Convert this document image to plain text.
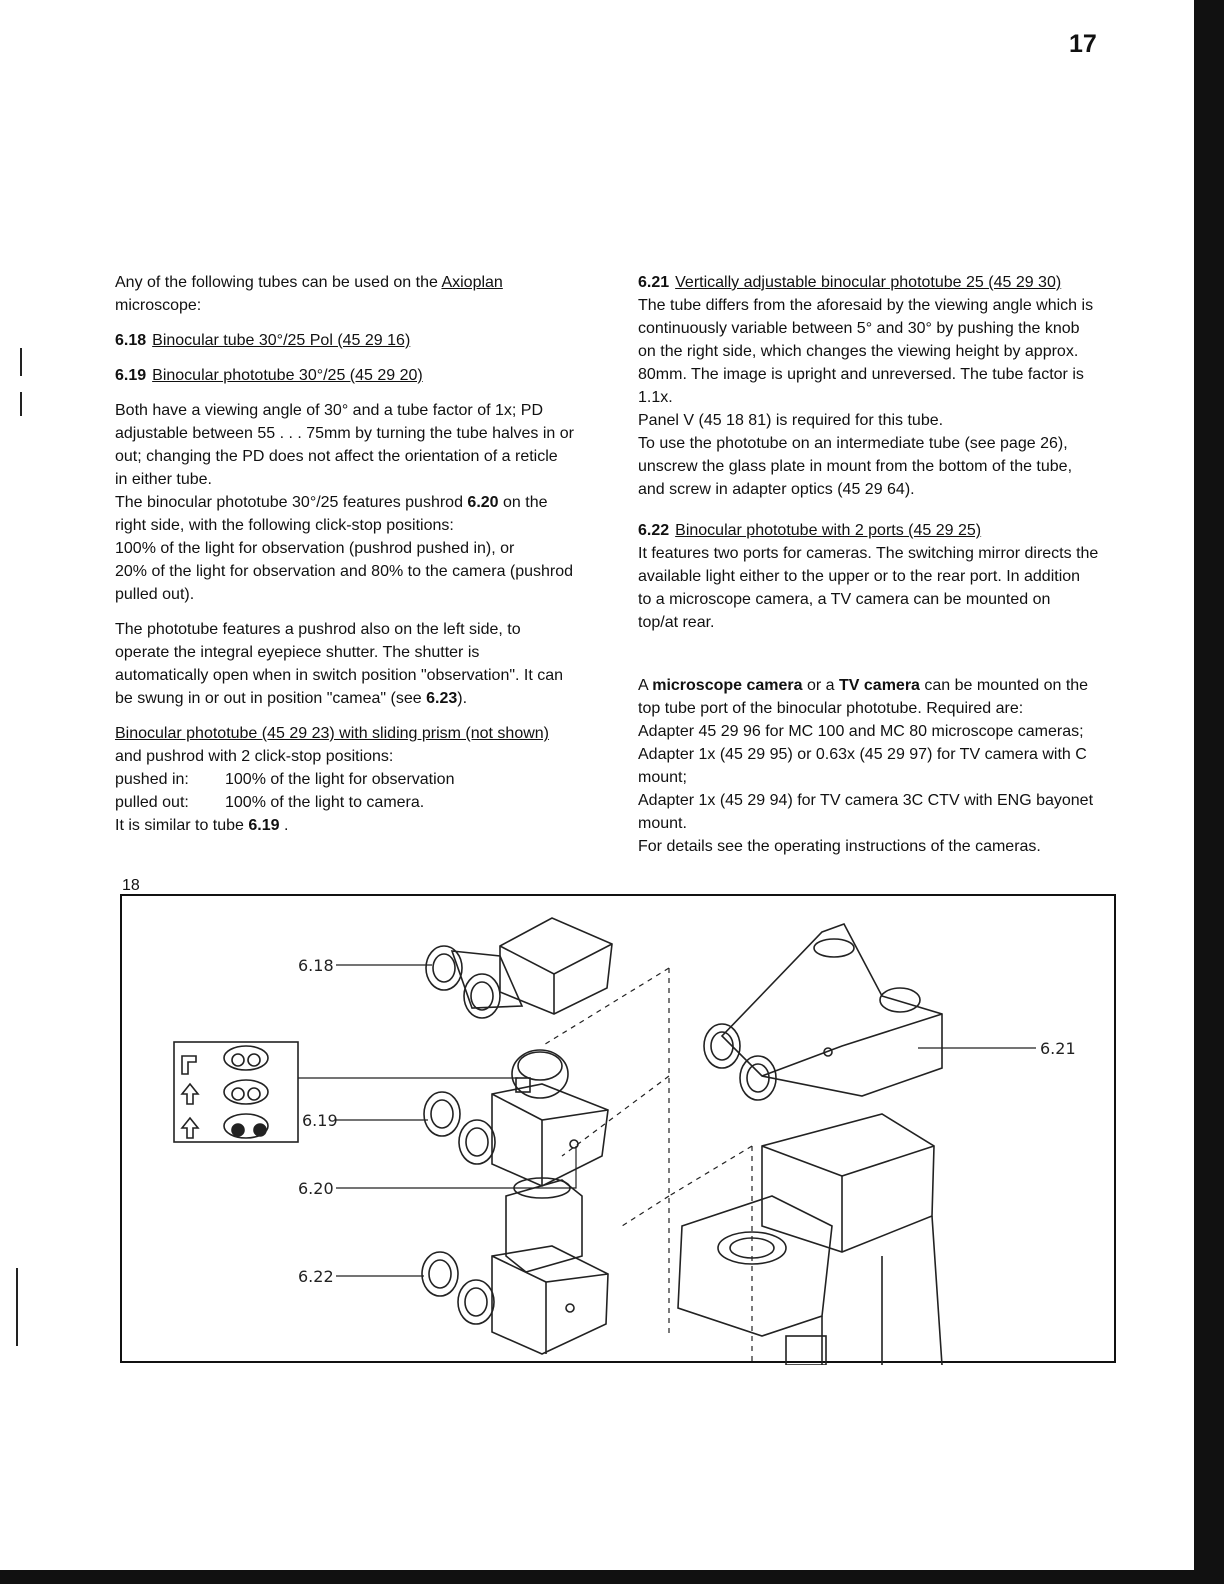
17

Any of the following tubes can be used on the Axioplan
microscope:

6.18 Binocular tube 30°/25 Pol (45 29 16)

6.19 Binocular phototube 30°/25 (45 29 20)

Both have a viewing angle of 30° and a tube factor of 1x; PD
adjustable between 55 . . . 75mm by turning the tube halves in or
out; changing the PD does not affect the orientation of a reticle
in either tube.

The binocular phototube 30°/25 features pushrod 6.20 on the
right side, with the following click-stop positions:
100% of the light for observation (pushrod pushed in), or
20% of the light for observation and 80% to the camera (pushrod
pulled out).

The phototube features a pushrod also on the left side, to
operate the integral eyepiece shutter. The shutter is
automatically open when in switch position "observation". It can
be swung in or out in position "camea" (see 6.23).

Binocular phototube (45 29 23) with sliding prism (not shown)
and pushrod with 2 click-stop positions:

pushed in:	100% of the light for observation
pulled out:	100% of the light to camera.

It is similar to tube 6.19 .

6.21 Vertically adjustable binocular phototube 25 (45 29 30)

The tube differs from the aforesaid by the viewing angle which is
continuously variable between 5° and 30° by pushing the knob
on the right side, which changes the viewing height by approx.
80mm. The image is upright and unreversed. The tube factor is
1.1x.
Panel V (45 18 81) is required for this tube.
To use the phototube on an intermediate tube (see page 26),
unscrew the glass plate in mount from the bottom of the tube,
and screw in adapter optics (45 29 64).

6.22 Binocular phototube with 2 ports (45 29 25)

It features two ports for cameras. The switching mirror directs the
available light either to the upper or to the rear port. In addition
to a microscope camera, a TV camera can be mounted on
top/at rear.

A microscope camera or a TV camera can be mounted on the
top tube port of the binocular phototube. Required are:
Adapter 45 29 96 for MC 100 and MC 80 microscope cameras;
Adapter 1x (45 29 95) or 0.63x (45 29 97) for TV camera with C
mount;
Adapter 1x (45 29 94) for TV camera 3C CTV with ENG bayonet
mount.
For details see the operating instructions of the cameras.

18
6.18
6.19
6.20
6.22
6.21
